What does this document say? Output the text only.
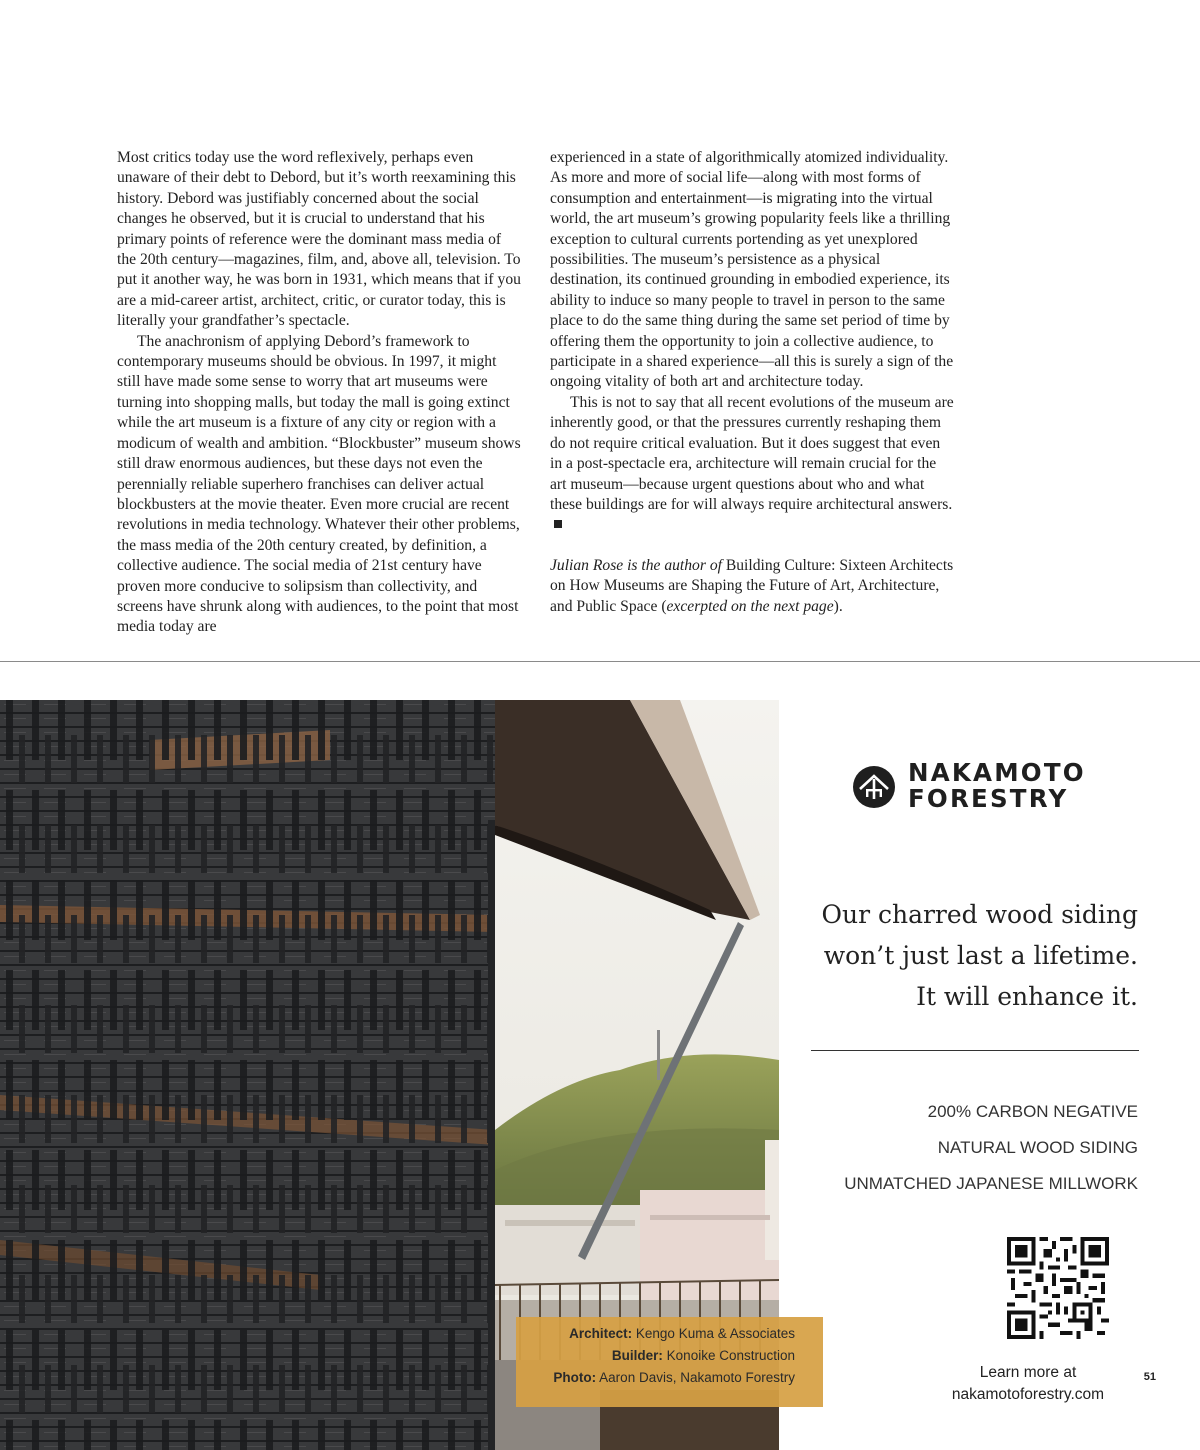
Most critics today use the word reflexively, perhaps even unaware of their debt to Debord, but it’s worth reexamining this history. Debord was justifiably concerned about the social changes he observed, but it is crucial to understand that his primary points of reference were the dominant mass media of the 20th century—magazines, film, and, above all, television. To put it another way, he was born in 1931, which means that if you are a mid-career artist, architect, critic, or curator today, this is literally your grandfather’s spectacle.

The anachronism of applying Debord’s framework to contemporary museums should be obvious. In 1997, it might still have made some sense to worry that art museums were turning into shopping malls, but today the mall is going extinct while the art museum is a fixture of any city or region with a modicum of wealth and ambition. “Blockbuster” museum shows still draw enormous audiences, but these days not even the perennially reliable superhero franchises can deliver actual blockbusters at the movie theater. Even more crucial are recent revolutions in media technology. Whatever their other problems, the mass media of the 20th century created, by definition, a collective audience. The social media of 21st century have proven more conducive to solipsism than collectivity, and screens have shrunk along with audiences, to the point that most media today are

experienced in a state of algorithmically atomized individuality. As more and more of social life—along with most forms of consumption and entertainment—is migrating into the virtual world, the art museum’s growing popularity feels like a thrilling exception to cultural currents portending as yet unexplored possibilities. The museum’s persistence as a physical destination, its continued grounding in embodied experience, its ability to induce so many people to travel in person to the same place to do the same thing during the same set period of time by offering them the opportunity to join a collective audience, to participate in a shared experience—all this is surely a sign of the ongoing vitality of both art and architecture today.

This is not to say that all recent evolutions of the museum are inherently good, or that the pressures currently reshaping them do not require critical evaluation. But it does suggest that even in a post-spectacle era, architecture will remain crucial for the art museum—because urgent questions about who and what these buildings are for will always require architectural answers.

Julian Rose is the author of Building Culture: Sixteen Architects on How Museums are Shaping the Future of Art, Architecture, and Public Space (excerpted on the next page).

Architect: Kengo Kuma & Associates
Builder: Konoike Construction
Photo: Aaron Davis, Nakamoto Forestry
NAKAMOTO
FORESTRY
Our charred wood siding
won’t just last a lifetime.
It will enhance it.
200% CARBON NEGATIVE
NATURAL WOOD SIDING
UNMATCHED JAPANESE MILLWORK
Learn more at
nakamotoforestry.com
51
